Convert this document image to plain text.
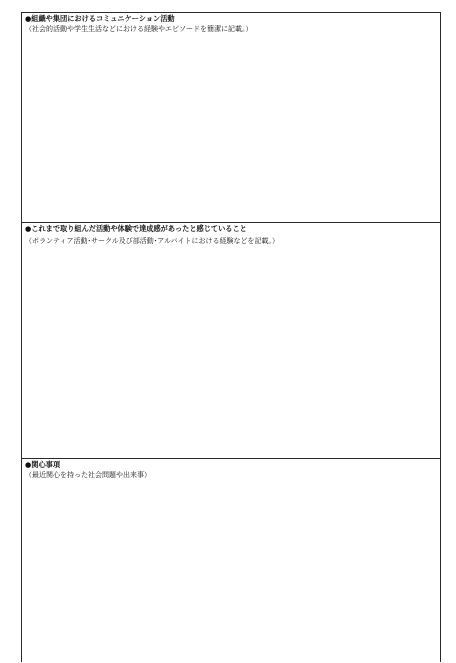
●組織や集団におけるコミュニケーション活動
（社会的活動や学生生活などにおける経験やエピソードを簡潔に記載。）
●これまで取り組んだ活動や体験で達成感があったと感じていること
（ボランティア活動･サークル及び部活動･アルバイトにおける経験などを記載。）
●関心事項
（最近関心を持った社会問題や出来事）
